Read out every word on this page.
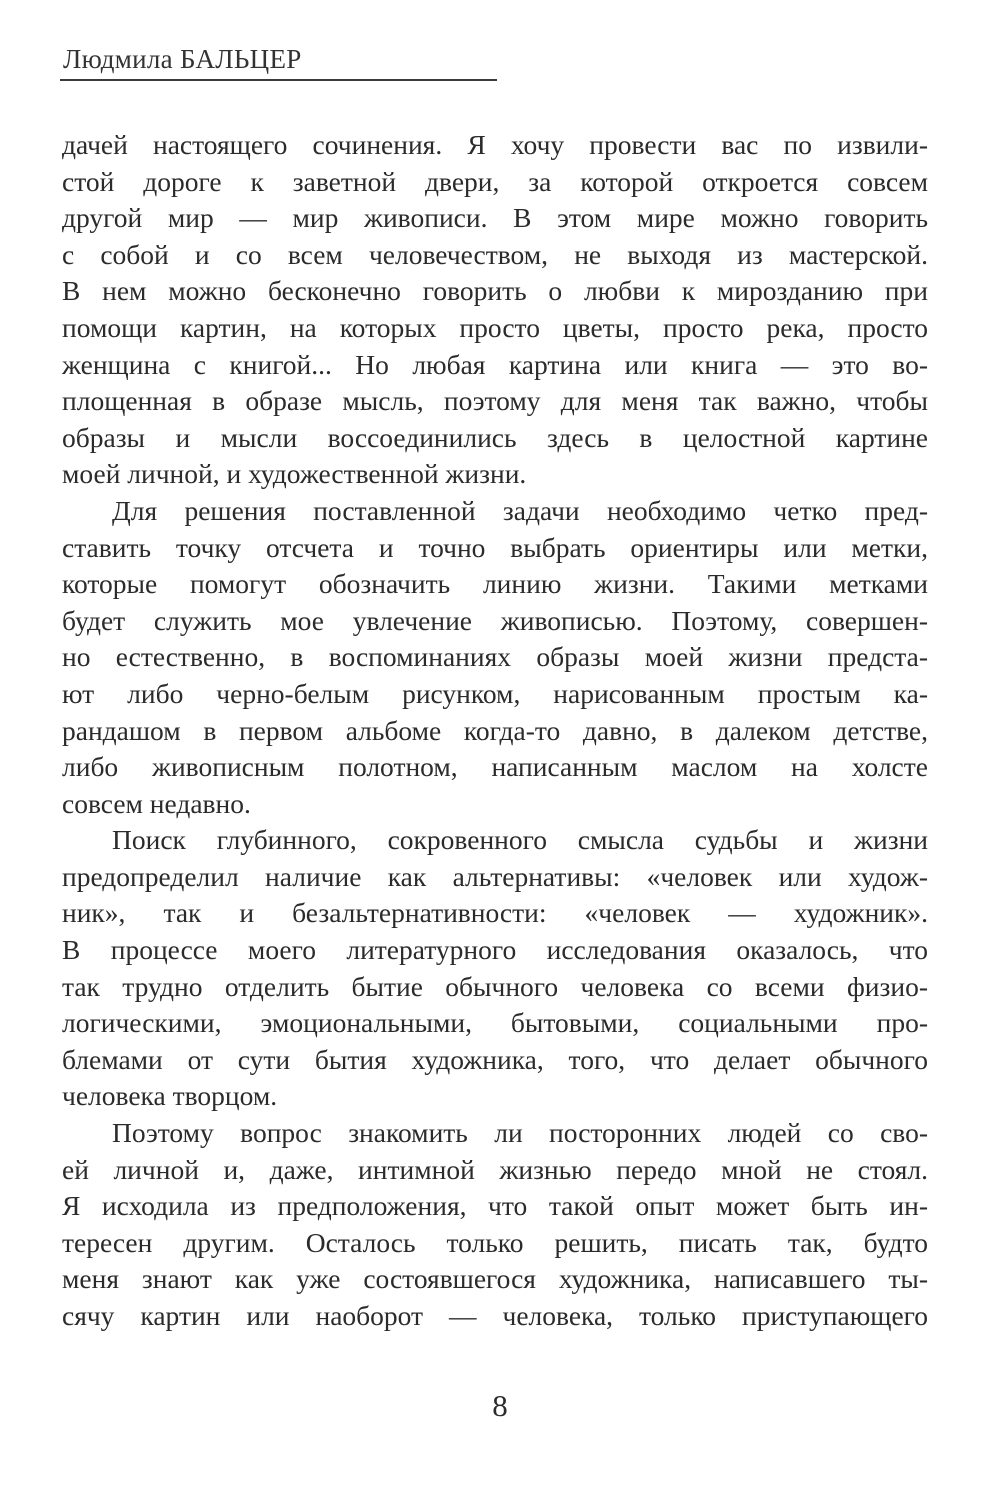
Людмила БАЛЬЦЕР
дачей настоящего сочинения. Я хочу провести вас по извили-
стой дороге к заветной двери, за которой откроется совсем
другой мир — мир живописи. В этом мире можно говорить
с собой и со всем человечеством, не выходя из мастерской.
В нем можно бесконечно говорить о любви к мирозданию при
помощи картин, на которых просто цветы, просто река, просто
женщина с книгой... Но любая картина или книга — это во-
площенная в образе мысль, поэтому для меня так важно, чтобы
образы и мысли воссоединились здесь в целостной картине
моей личной, и художественной жизни.
Для решения поставленной задачи необходимо четко пред-
ставить точку отсчета и точно выбрать ориентиры или метки,
которые помогут обозначить линию жизни. Такими метками
будет служить мое увлечение живописью. Поэтому, совершен-
но естественно, в воспоминаниях образы моей жизни предста-
ют либо черно-белым рисунком, нарисованным простым ка-
рандашом в первом альбоме когда-то давно, в далеком детстве,
либо живописным полотном, написанным маслом на холсте
совсем недавно.
Поиск глубинного, сокровенного смысла судьбы и жизни
предопределил наличие как альтернативы: «человек или худож-
ник», так и безальтернативности: «человек — художник».
В процессе моего литературного исследования оказалось, что
так трудно отделить бытие обычного человека со всеми физио-
логическими, эмоциональными, бытовыми, социальными про-
блемами от сути бытия художника, того, что делает обычного
человека творцом.
Поэтому вопрос знакомить ли посторонних людей со сво-
ей личной и, даже, интимной жизнью передо мной не стоял.
Я исходила из предположения, что такой опыт может быть ин-
тересен другим. Осталось только решить, писать так, будто
меня знают как уже состоявшегося художника, написавшего ты-
сячу картин или наоборот — человека, только приступающего
8
